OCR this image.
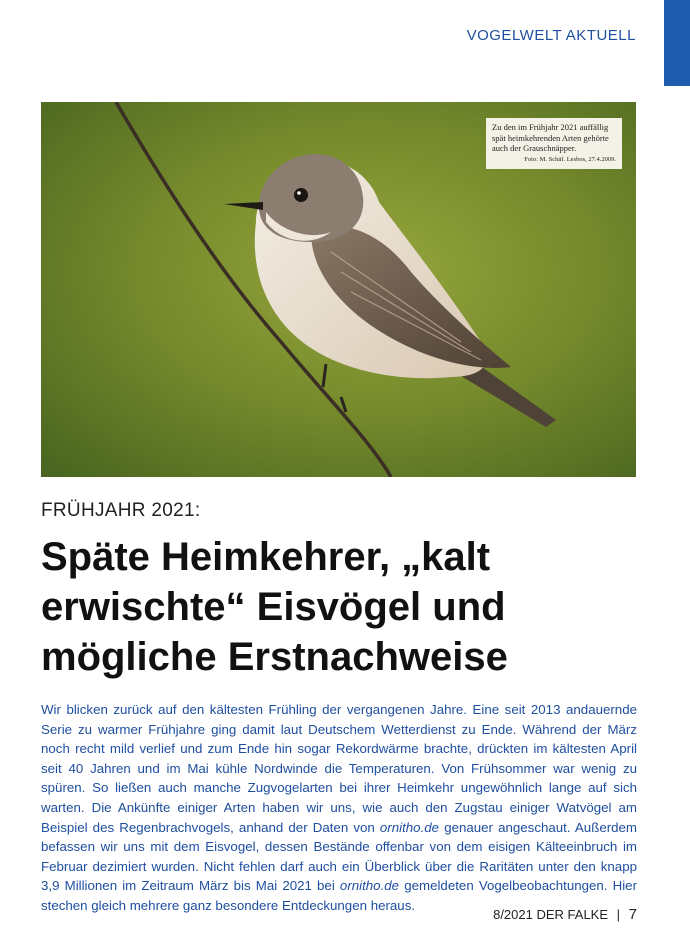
VOGELWELT AKTUELL
Zu den im Frühjahr 2021 auffällig spät heimkehrenden Arten gehörte auch der Grauschnäpper.
Foto: M. Schäf. Lesbos, 27.4.2009.
FRÜHJAHR 2021:
Späte Heimkehrer, „kalt erwischte“ Eisvögel und mögliche Erstnachweise

Wir blicken zurück auf den kältesten Frühling der vergangenen Jahre. Eine seit 2013 andauernde Serie zu warmer Frühjahre ging damit laut Deutschem Wetterdienst zu Ende. Während der März noch recht mild verlief und zum Ende hin sogar Rekordwärme brachte, drückten im kältesten April seit 40 Jahren und im Mai kühle Nordwinde die Temperaturen. Von Frühsommer war wenig zu spüren. So ließen auch manche Zugvogelarten bei ihrer Heimkehr ungewöhnlich lange auf sich warten. Die Ankünfte einiger Arten haben wir uns, wie auch den Zugstau einiger Watvögel am Beispiel des Regenbrachvogels, anhand der Daten von ornitho.de genauer angeschaut. Außerdem befassen wir uns mit dem Eisvogel, dessen Bestände offenbar von dem eisigen Kälteeinbruch im Februar dezimiert wurden. Nicht fehlen darf auch ein Überblick über die Raritäten unter den knapp 3,9 Millionen im Zeitraum März bis Mai 2021 bei ornitho.de gemeldeten Vogelbeobachtungen. Hier stechen gleich mehrere ganz besondere Entdeckungen heraus.

8/2021 DER FALKE | 7
